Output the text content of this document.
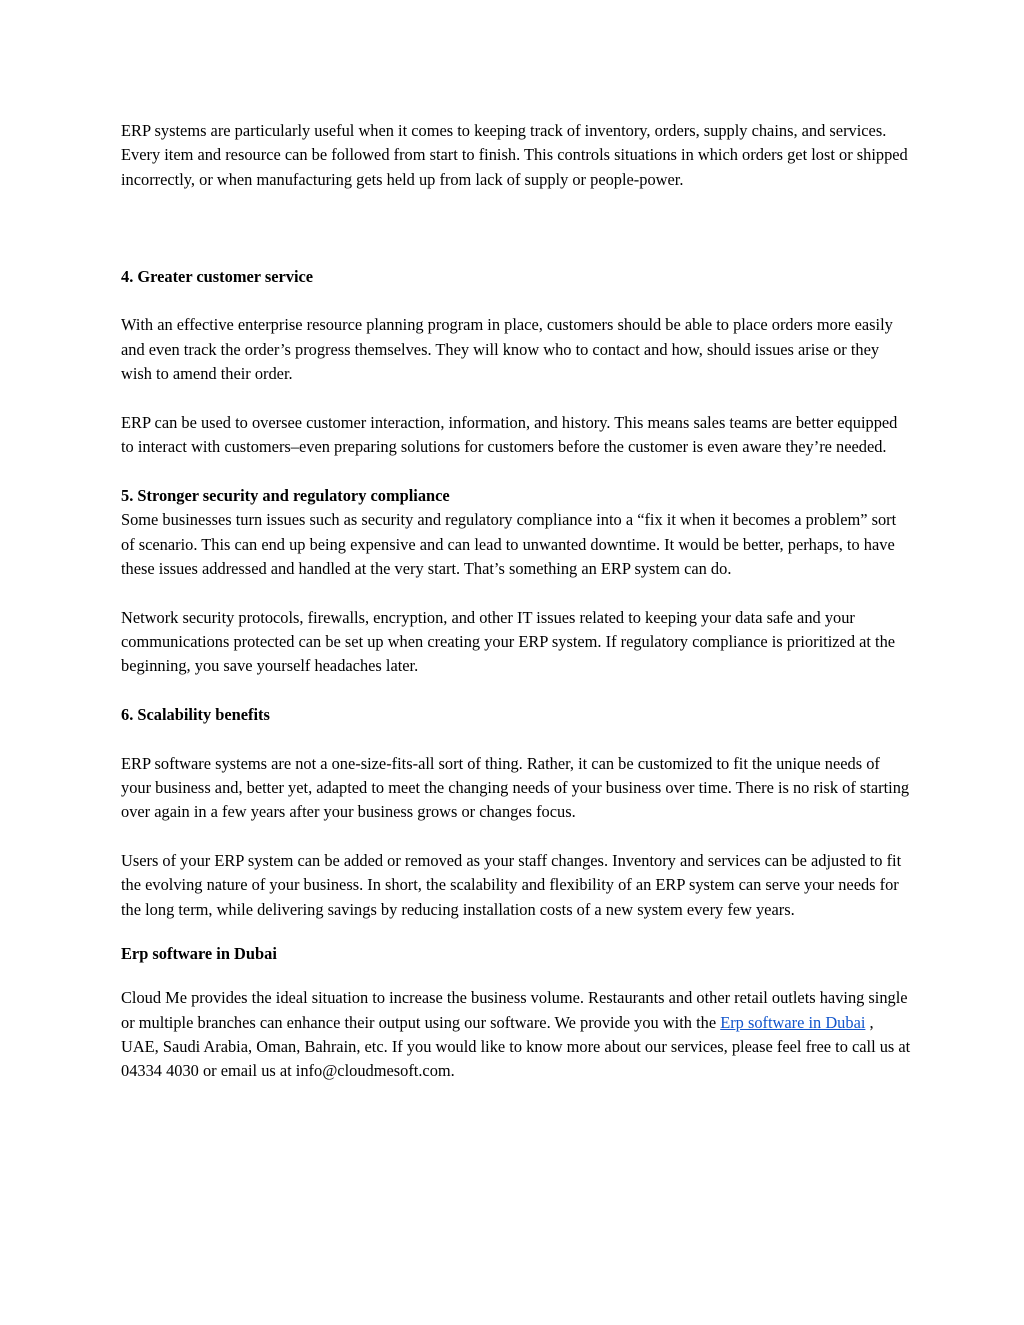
ERP systems are particularly useful when it comes to keeping track of inventory, orders, supply chains, and services. Every item and resource can be followed from start to finish. This controls situations in which orders get lost or shipped incorrectly, or when manufacturing gets held up from lack of supply or people-power.

4. Greater customer service

With an effective enterprise resource planning program in place, customers should be able to place orders more easily and even track the order’s progress themselves. They will know who to contact and how, should issues arise or they wish to amend their order.

ERP can be used to oversee customer interaction, information, and history. This means sales teams are better equipped to interact with customers–even preparing solutions for customers before the customer is even aware they’re needed.

5. Stronger security and regulatory compliance

Some businesses turn issues such as security and regulatory compliance into a “fix it when it becomes a problem” sort of scenario. This can end up being expensive and can lead to unwanted downtime. It would be better, perhaps, to have these issues addressed and handled at the very start. That’s something an ERP system can do.

Network security protocols, firewalls, encryption, and other IT issues related to keeping your data safe and your communications protected can be set up when creating your ERP system. If regulatory compliance is prioritized at the beginning, you save yourself headaches later.

6. Scalability benefits

ERP software systems are not a one-size-fits-all sort of thing. Rather, it can be customized to fit the unique needs of your business and, better yet, adapted to meet the changing needs of your business over time. There is no risk of starting over again in a few years after your business grows or changes focus.

Users of your ERP system can be added or removed as your staff changes. Inventory and services can be adjusted to fit the evolving nature of your business. In short, the scalability and flexibility of an ERP system can serve your needs for the long term, while delivering savings by reducing installation costs of a new system every few years.

Erp software in Dubai

Cloud Me provides the ideal situation to increase the business volume. Restaurants and other retail outlets having single or multiple branches can enhance their output using our software. We provide you with the Erp software in Dubai , UAE, Saudi Arabia, Oman, Bahrain, etc. If you would like to know more about our services, please feel free to call us at 04334 4030 or email us at info@cloudmesoft.com.
